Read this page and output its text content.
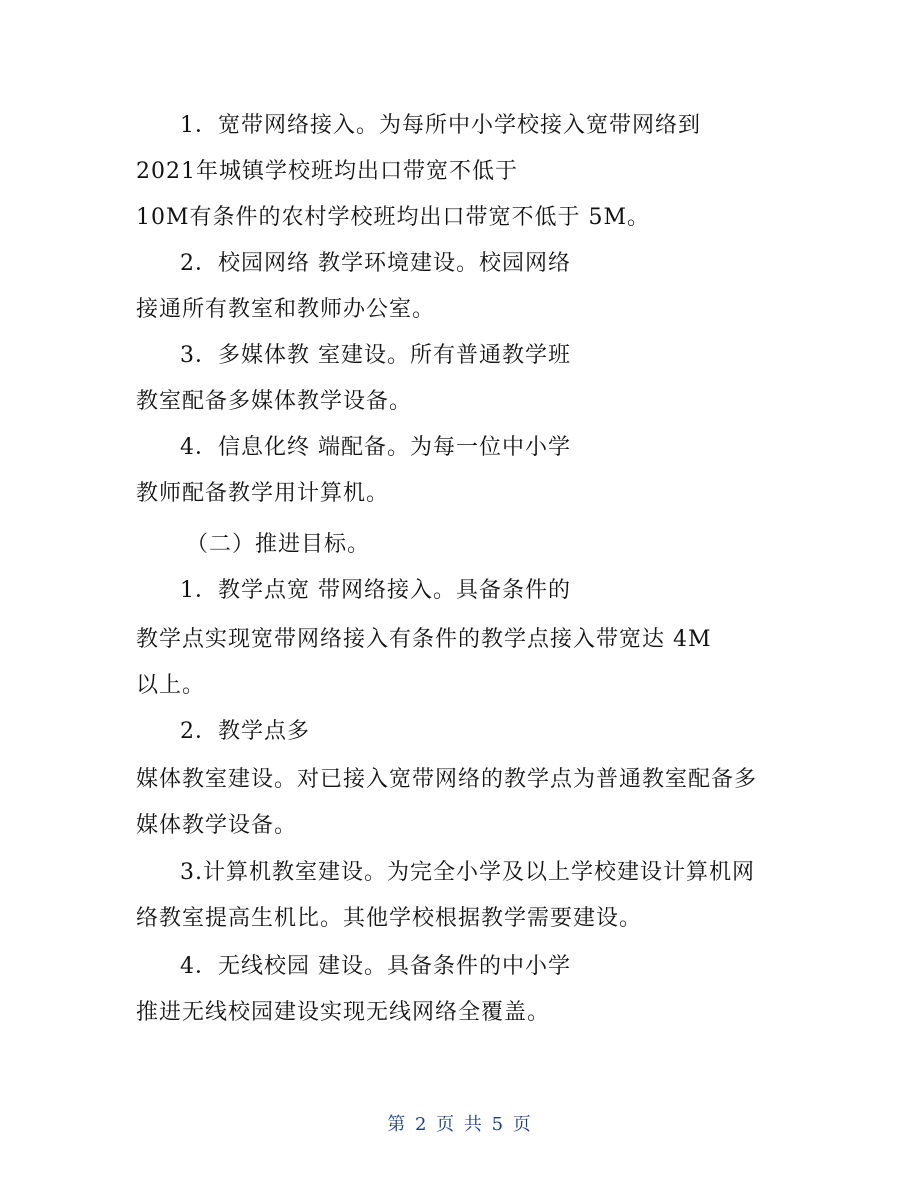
1．宽带网络接入。为每所中小学校接入宽带网络到
2021年城镇学校班均出口带宽不低于
10M有条件的农村学校班均出口带宽不低于 5M。
2．校园网络 教学环境建设。校园网络
接通所有教室和教师办公室。
3．多媒体教 室建设。所有普通教学班
教室配备多媒体教学设备。
4．信息化终 端配备。为每一位中小学
教师配备教学用计算机。
（二）推进目标。
1．教学点宽 带网络接入。具备条件的
教学点实现宽带网络接入有条件的教学点接入带宽达 4M
以上。
2．教学点多
媒体教室建设。对已接入宽带网络的教学点为普通教室配备多
媒体教学设备。
3.计算机教室建设。为完全小学及以上学校建设计算机网
络教室提高生机比。其他学校根据教学需要建设。
4．无线校园 建设。具备条件的中小学
推进无线校园建设实现无线网络全覆盖。
第 2 页 共 5 页
